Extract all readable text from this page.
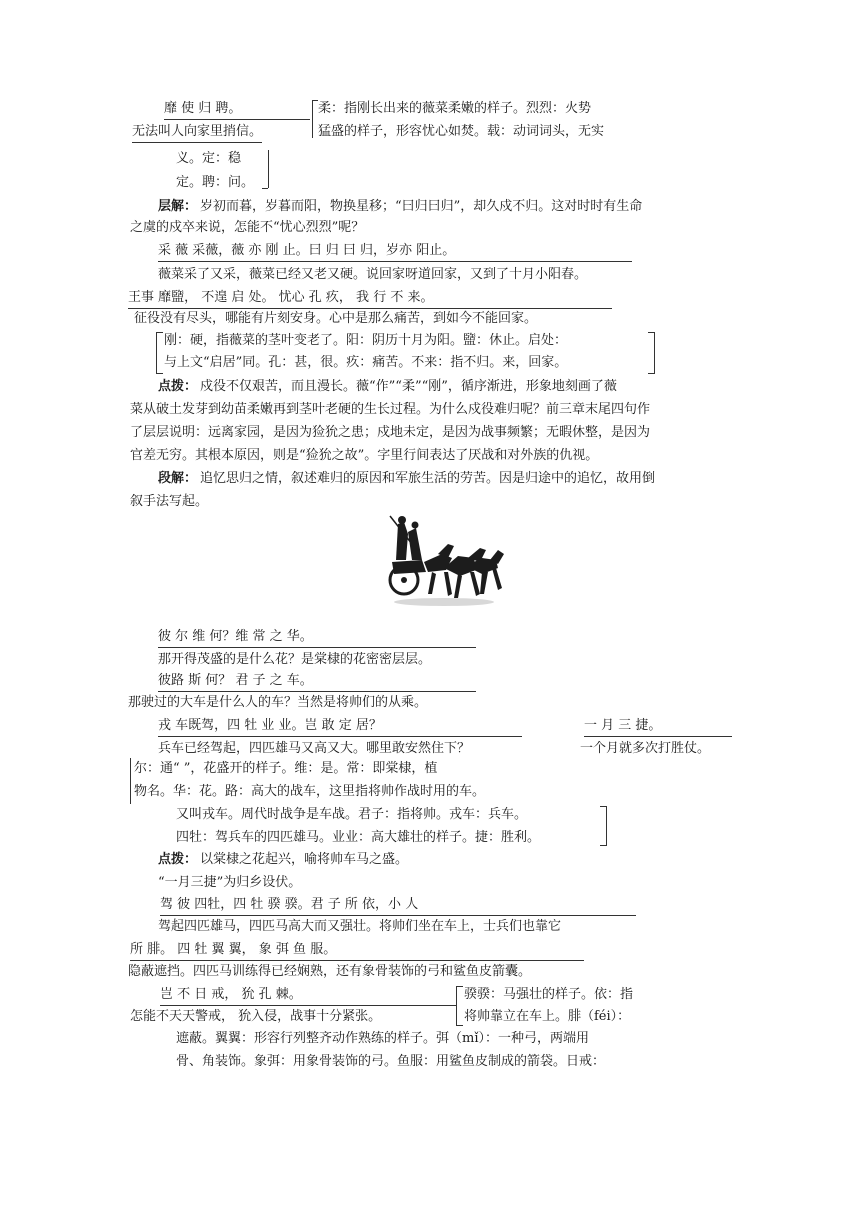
靡 使 归 聘。	柔：指刚长出来的薇菜柔嫩的样子。烈烈：火势
无法叫人向家里捎信。	猛盛的样子，形容忧心如焚。载：动词词头，无实
义。定：稳
定。聘：问。
层解： 岁初而暮，岁暮而阳，物换星移；“曰归曰归”，却久戍不归。这对时时有生命
之虞的戍卒来说，怎能不“忧心烈烈”呢？
采 薇 采薇，薇 亦 刚 止。曰 归 曰 归，岁亦 阳止。
薇菜采了又采，薇菜已经又老又硬。说回家呀道回家，又到了十月小阳春。
王事 靡盬， 不遑 启 处。 忧心 孔 疚， 我 行 不 来。
征役没有尽头，哪能有片刻安身。心中是那么痛苦，到如今不能回家。
刚：硬，指薇菜的茎叶变老了。阳：阴历十月为阳。盬：休止。启处：
与上文“启居”同。孔：甚，很。疚：痛苦。不来：指不归。来，回家。
点拨： 戍役不仅艰苦，而且漫长。薇“作”“柔”“刚”，循序渐进，形象地刻画了薇
菜从破土发芽到幼苗柔嫩再到茎叶老硬的生长过程。为什么戍役难归呢？前三章末尾四句作
了层层说明：远离家园，是因为猃狁之患；戍地未定，是因为战事频繁；无暇休整，是因为
官差无穷。其根本原因，则是“猃狁之故”。字里行间表达了厌战和对外族的仇视。
段解： 追忆思归之情，叙述难归的原因和军旅生活的劳苦。因是归途中的追忆，故用倒
叙手法写起。
彼 尔 维 何？维 常 之 华。
那开得茂盛的是什么花？是棠棣的花密密层层。
彼路 斯 何？ 君 子 之 车。
那驶过的大车是什么人的车？当然是将帅们的从乘。
戎 车既驾，四 牡 业 业。岂 敢 定 居？	一 月 三 捷。
兵车已经驾起，四匹雄马又高又大。哪里敢安然住下？	一个月就多次打胜仗。
尔：通“ ”，花盛开的样子。维：是。常：即棠棣，植
物名。华：花。路：高大的战车，这里指将帅作战时用的车。
又叫戎车。周代时战争是车战。君子：指将帅。戎车：兵车。
四牡：驾兵车的四匹雄马。业业：高大雄壮的样子。捷：胜利。
点拨： 以棠棣之花起兴，喻将帅车马之盛。
“一月三捷”为归乡设伏。
驾 彼 四牡，四 牡 骙 骙。君 子 所 依，小 人
驾起四匹雄马，四匹马高大而又强壮。将帅们坐在车上，士兵们也靠它
所 腓。 四 牡 翼 翼， 象 弭 鱼 服。
隐蔽遮挡。四匹马训练得已经娴熟，还有象骨装饰的弓和鲨鱼皮箭囊。
岂 不 日 戒， 狁 孔 棘。	骙骙：马强壮的样子。依：指
怎能不天天警戒， 狁入侵，战事十分紧张。	将帅靠立在车上。腓（féi）：
遮蔽。翼翼：形容行列整齐动作熟练的样子。弭（mǐ）：一种弓，两端用
骨、角装饰。象弭：用象骨装饰的弓。鱼服：用鲨鱼皮制成的箭袋。日戒：
